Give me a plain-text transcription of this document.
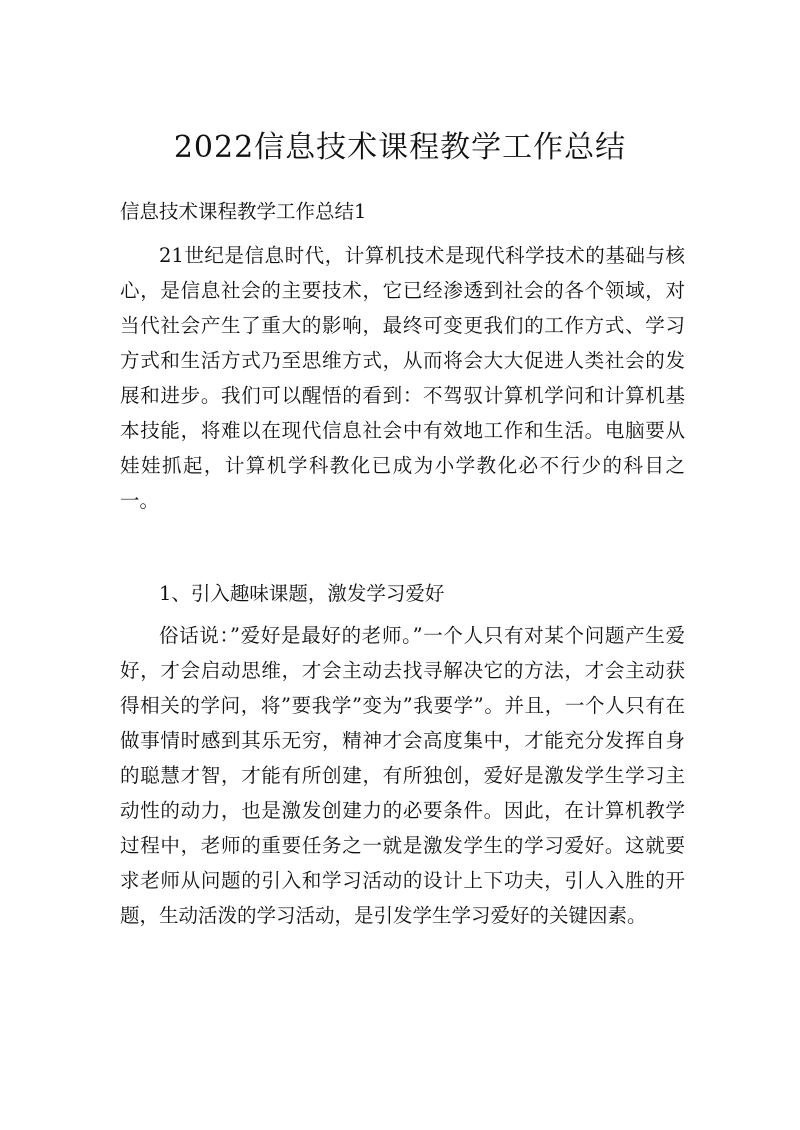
2022信息技术课程教学工作总结
信息技术课程教学工作总结1
21世纪是信息时代，计算机技术是现代科学技术的基础与核心，是信息社会的主要技术，它已经渗透到社会的各个领域，对当代社会产生了重大的影响，最终可变更我们的工作方式、学习方式和生活方式乃至思维方式，从而将会大大促进人类社会的发展和进步。我们可以醒悟的看到：不驾驭计算机学问和计算机基本技能，将难以在现代信息社会中有效地工作和生活。电脑要从娃娃抓起，计算机学科教化已成为小学教化必不行少的科目之一。
1、引入趣味课题，激发学习爱好
俗话说：”爱好是最好的老师。”一个人只有对某个问题产生爱好，才会启动思维，才会主动去找寻解决它的方法，才会主动获得相关的学问，将”要我学”变为”我要学”。并且，一个人只有在做事情时感到其乐无穷，精神才会高度集中，才能充分发挥自身的聪慧才智，才能有所创建，有所独创，爱好是激发学生学习主动性的动力，也是激发创建力的必要条件。因此，在计算机教学过程中，老师的重要任务之一就是激发学生的学习爱好。这就要求老师从问题的引入和学习活动的设计上下功夫，引人入胜的开题，生动活泼的学习活动，是引发学生学习爱好的关键因素。
